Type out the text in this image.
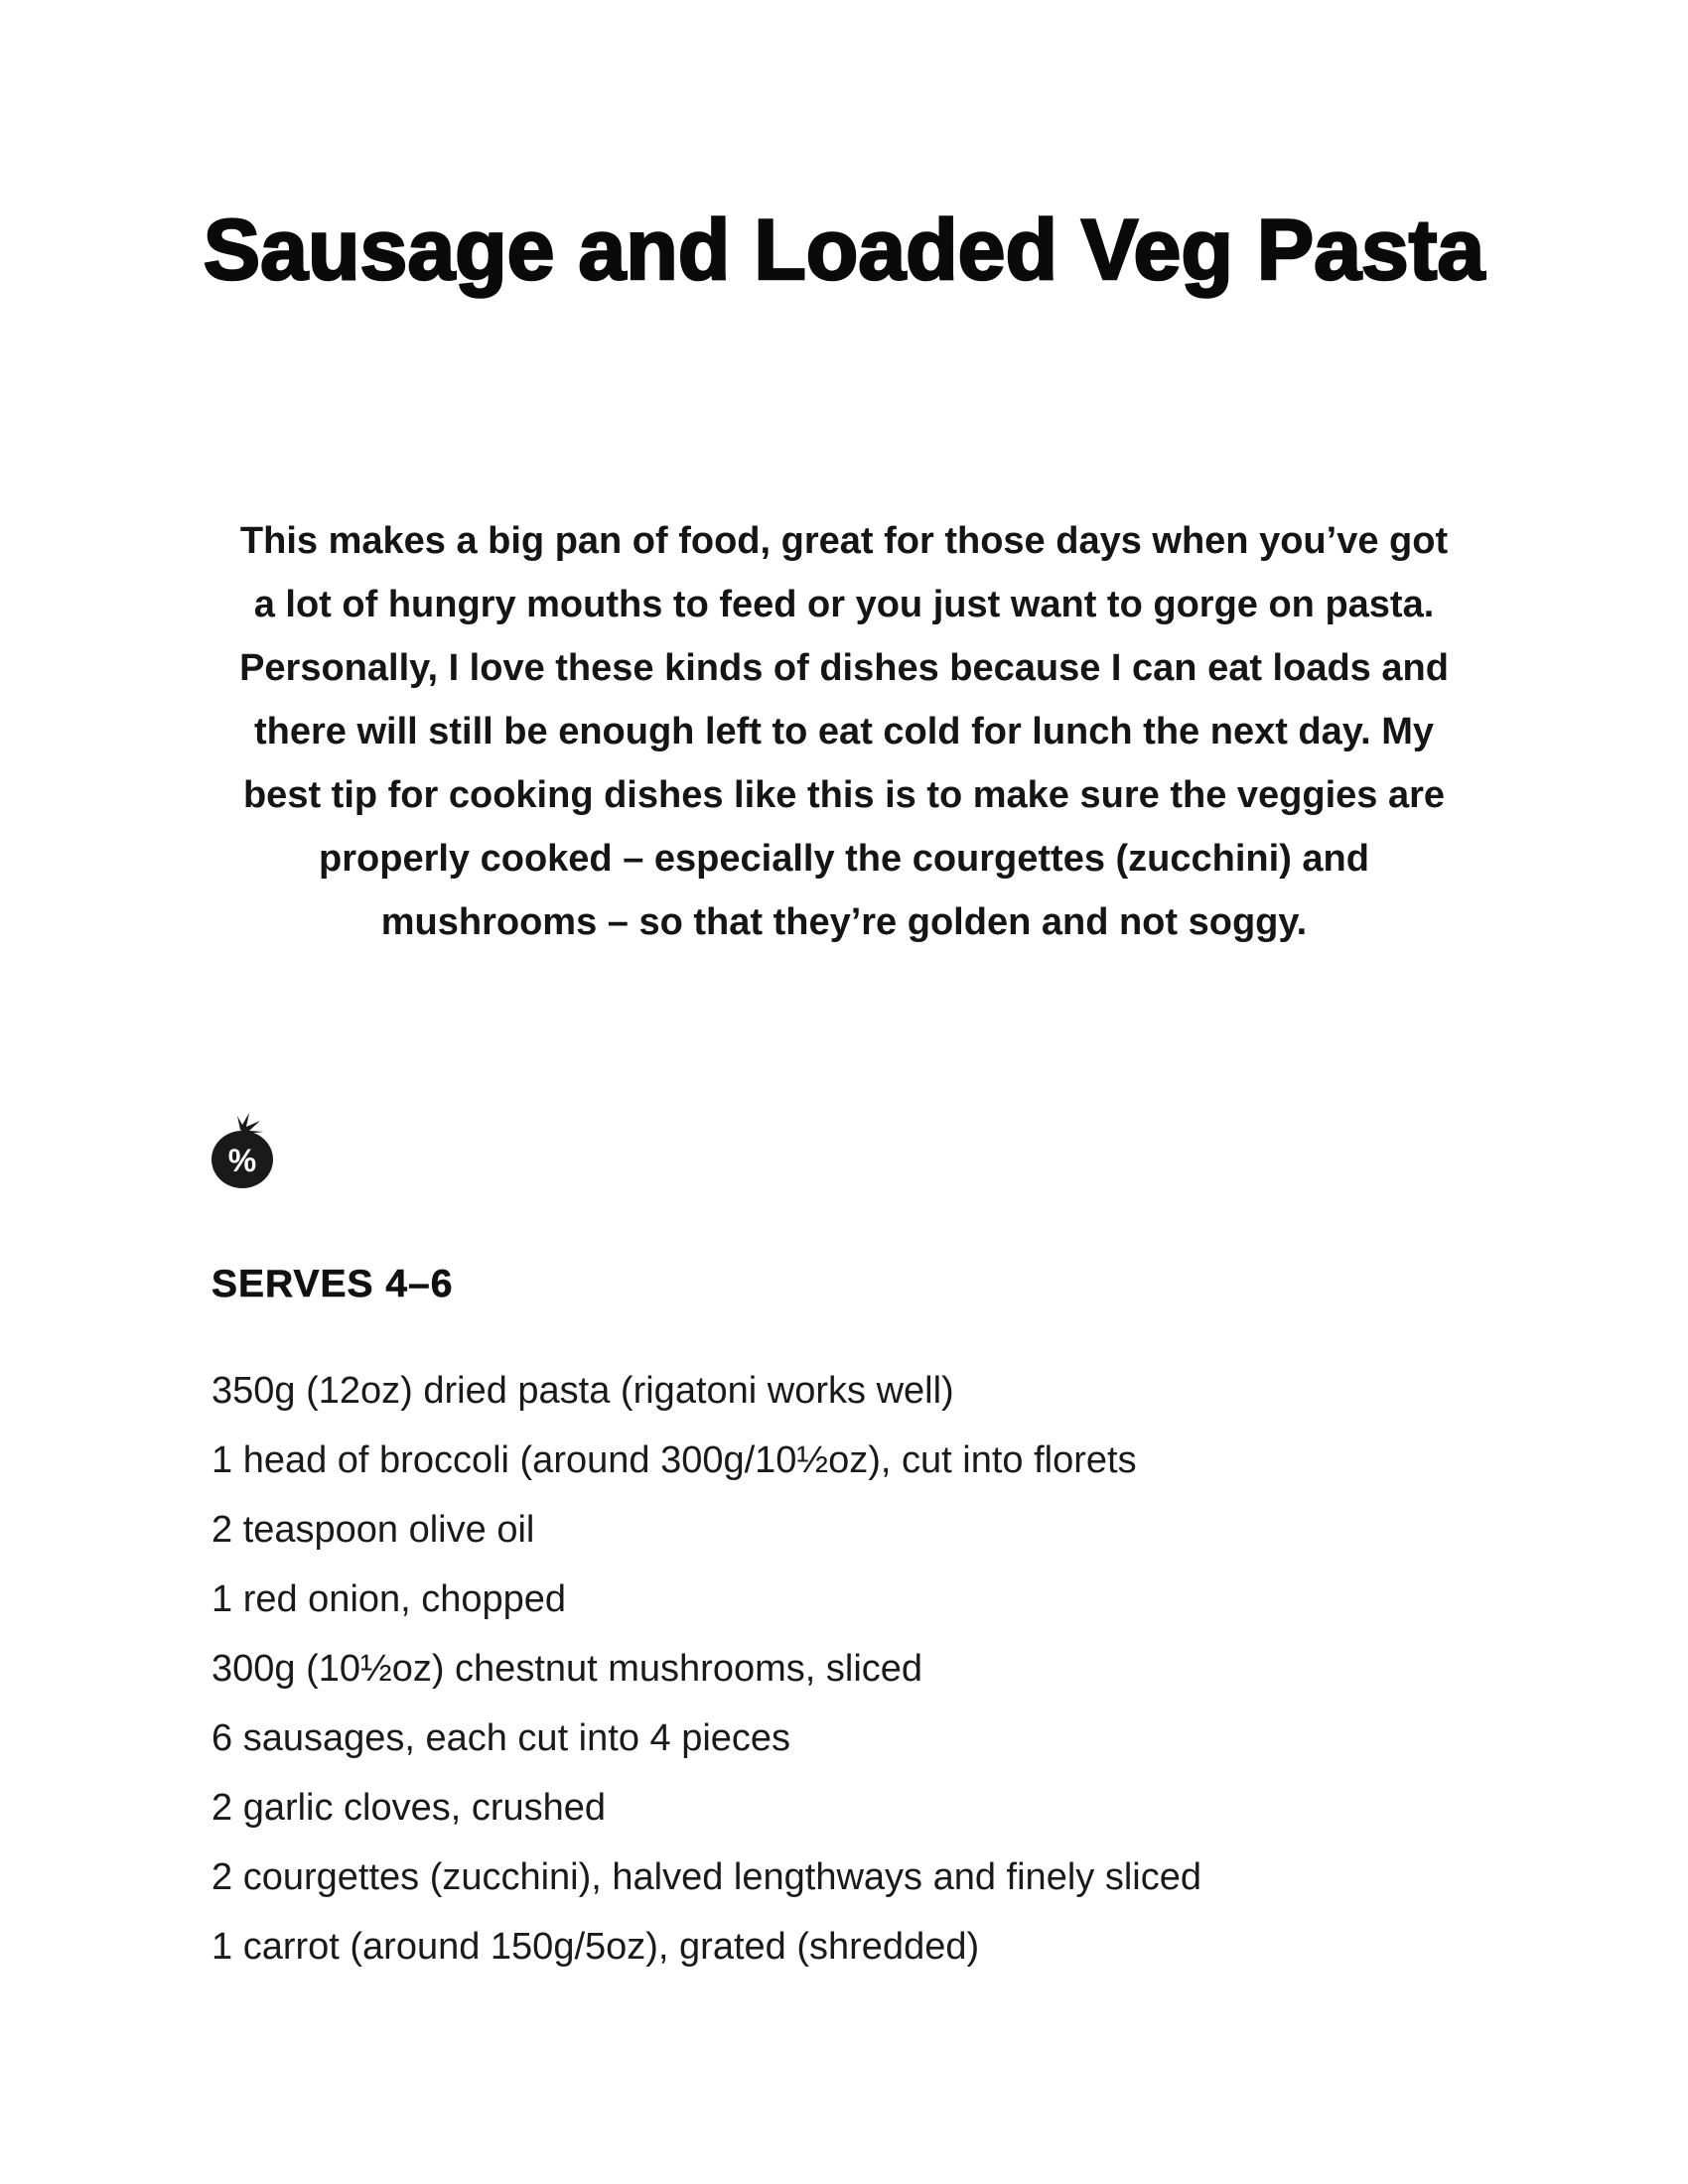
Sausage and Loaded Veg Pasta

This makes a big pan of food, great for those days when you’ve got a lot of hungry mouths to feed or you just want to gorge on pasta. Personally, I love these kinds of dishes because I can eat loads and there will still be enough left to eat cold for lunch the next day. My best tip for cooking dishes like this is to make sure the veggies are properly cooked – especially the courgettes (zucchini) and mushrooms – so that they’re golden and not soggy.

%
SERVES 4–6
350g (12oz) dried pasta (rigatoni works well)
1 head of broccoli (around 300g/10½oz), cut into florets
2 teaspoon olive oil
1 red onion, chopped
300g (10½oz) chestnut mushrooms, sliced
6 sausages, each cut into 4 pieces
2 garlic cloves, crushed
2 courgettes (zucchini), halved lengthways and finely sliced
1 carrot (around 150g/5oz), grated (shredded)
